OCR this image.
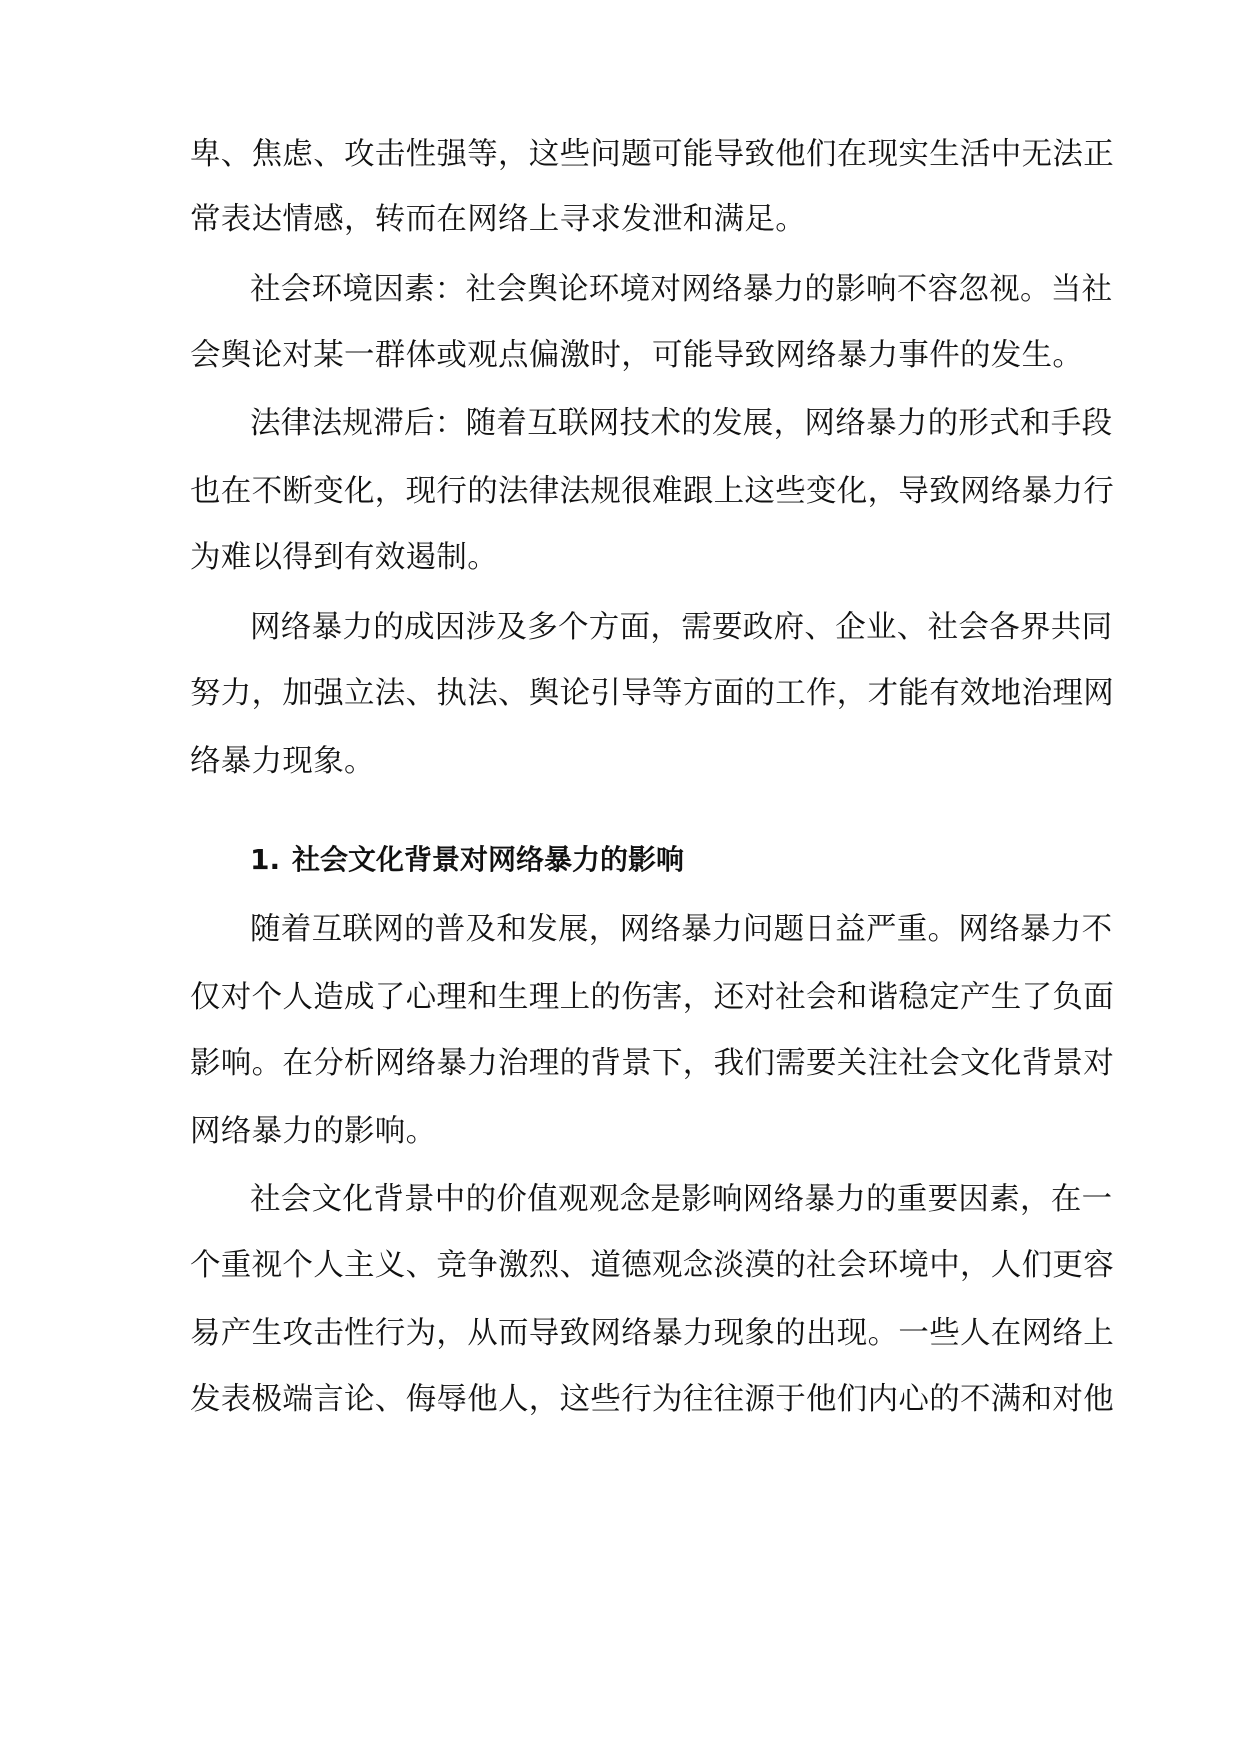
卑、焦虑、攻击性强等，这些问题可能导致他们在现实生活中无法正
常表达情感，转而在网络上寻求发泄和满足。
社会环境因素：社会舆论环境对网络暴力的影响不容忽视。当社
会舆论对某一群体或观点偏激时，可能导致网络暴力事件的发生。
法律法规滞后：随着互联网技术的发展，网络暴力的形式和手段
也在不断变化，现行的法律法规很难跟上这些变化，导致网络暴力行
为难以得到有效遏制。
网络暴力的成因涉及多个方面，需要政府、企业、社会各界共同
努力，加强立法、执法、舆论引导等方面的工作，才能有效地治理网
络暴力现象。
1. 社会文化背景对网络暴力的影响
随着互联网的普及和发展，网络暴力问题日益严重。网络暴力不
仅对个人造成了心理和生理上的伤害，还对社会和谐稳定产生了负面
影响。在分析网络暴力治理的背景下，我们需要关注社会文化背景对
网络暴力的影响。
社会文化背景中的价值观观念是影响网络暴力的重要因素，在一
个重视个人主义、竞争激烈、道德观念淡漠的社会环境中，人们更容
易产生攻击性行为，从而导致网络暴力现象的出现。一些人在网络上
发表极端言论、侮辱他人，这些行为往往源于他们内心的不满和对他
